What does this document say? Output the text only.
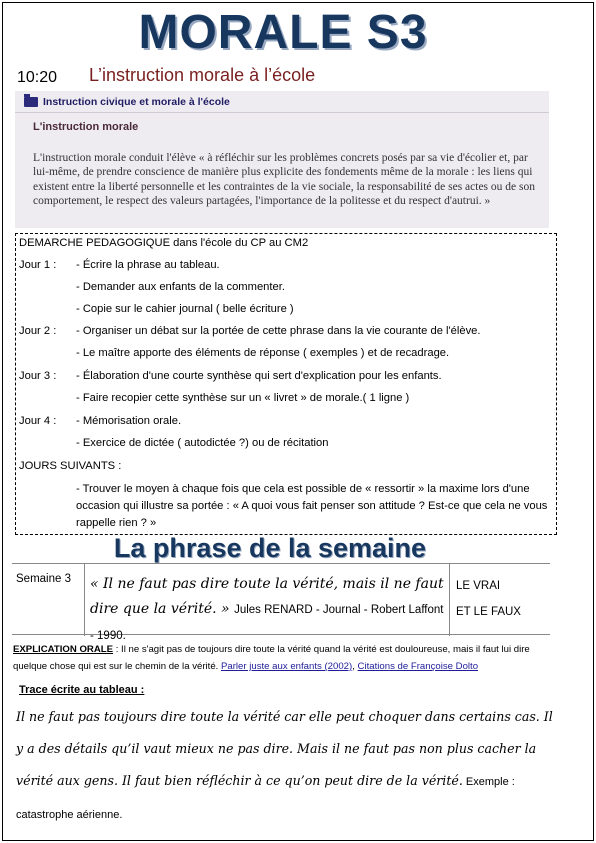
MORALE S3
10:20 L’instruction morale à l’école
Instruction civique et morale à l'école
L'instruction morale
L'instruction morale conduit l'élève « à réfléchir sur les problèmes concrets posés par sa vie d'écolier et, par lui-même, de prendre conscience de manière plus explicite des fondements même de la morale : les liens qui existent entre la liberté personnelle et les contraintes de la vie sociale, la responsabilité de ses actes ou de son comportement, le respect des valeurs partagées, l'importance de la politesse et du respect d'autrui. »
DEMARCHE PEDAGOGIQUE dans l'école du CP au CM2
Jour 1 : - Écrire la phrase au tableau.
- Demander aux enfants de la commenter.
- Copie sur le cahier journal ( belle écriture )
Jour 2 : - Organiser un débat sur la portée de cette phrase dans la vie courante de l'élève.
- Le maître apporte des éléments de réponse ( exemples ) et de recadrage.
Jour 3 : - Élaboration d'une courte synthèse qui sert d'explication pour les enfants.
- Faire recopier cette synthèse sur un « livret » de morale.( 1 ligne )
Jour 4 : - Mémorisation orale.
- Exercice de dictée ( autodictée ?) ou de récitation
JOURS SUIVANTS :
- Trouver le moyen à chaque fois que cela est possible de « ressortir » la maxime lors d'une occasion qui illustre sa portée : « A quoi vous fait penser son attitude ? Est-ce que cela ne vous rappelle rien ? »
La phrase de la semaine
Semaine 3 « Il ne faut pas dire toute la vérité, mais il ne faut dire que la vérité. » Jules RENARD - Journal - Robert Laffont - 1990.
LE VRAI
ET LE FAUX
EXPLICATION ORALE : Il ne s'agit pas de toujours dire toute la vérité quand la vérité est douloureuse, mais il faut lui dire quelque chose qui est sur le chemin de la vérité. Parler juste aux enfants (2002), Citations de Françoise Dolto
Trace écrite au tableau :
Il ne faut pas toujours dire toute la vérité car elle peut choquer dans certains cas. Il y a des détails qu’il vaut mieux ne pas dire. Mais il ne faut pas non plus cacher la vérité aux gens. Il faut bien réfléchir à ce qu’on peut dire de la vérité. Exemple : catastrophe aérienne.
